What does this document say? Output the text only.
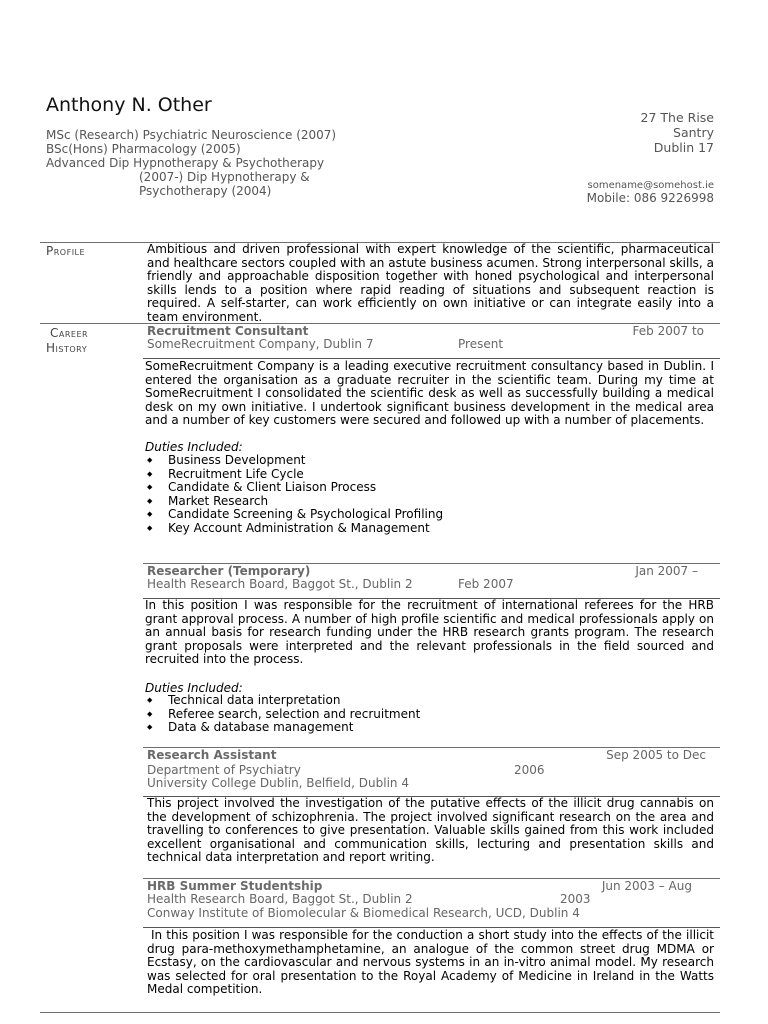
Anthony N. Other
MSc (Research) Psychiatric Neuroscience (2007)
BSc(Hons) Pharmacology (2005)
Advanced Dip Hypnotherapy & Psychotherapy
(2007-) Dip Hypnotherapy &
Psychotherapy (2004)
27 The Rise
Santry
Dublin 17
somename@somehost.ie
Mobile: 086 9226998
Profile	Ambitious and driven professional with expert knowledge of the scientific, pharmaceutical and healthcare sectors coupled with an astute business acumen. Strong interpersonal skills, a friendly and approachable disposition together with honed psychological and interpersonal skills lends to a position where rapid reading of situations and subsequent reaction is required. A self-starter, can work efficiently on own initiative or can integrate easily into a team environment.
Career
History
Recruitment Consultant	Feb 2007 to
SomeRecruitment Company, Dublin 7	Present
SomeRecruitment Company is a leading executive recruitment consultancy based in Dublin. I entered the organisation as a graduate recruiter in the scientific team. During my time at SomeRecruitment I consolidated the scientific desk as well as successfully building a medical desk on my own initiative. I undertook significant business development in the medical area and a number of key customers were secured and followed up with a number of placements.
Duties Included:
◆ Business Development
◆ Recruitment Life Cycle
◆ Candidate & Client Liaison Process
◆ Market Research
◆ Candidate Screening & Psychological Profiling
◆ Key Account Administration & Management
Researcher (Temporary)	Jan 2007 –
Health Research Board, Baggot St., Dublin 2	Feb 2007
In this position I was responsible for the recruitment of international referees for the HRB grant approval process. A number of high profile scientific and medical professionals apply on an annual basis for research funding under the HRB research grants program. The research grant proposals were interpreted and the relevant professionals in the field sourced and recruited into the process.
Duties Included:
◆ Technical data interpretation
◆ Referee search, selection and recruitment
◆ Data & database management
Research Assistant	Sep 2005 to Dec
Department of Psychiatry	2006
University College Dublin, Belfield, Dublin 4
This project involved the investigation of the putative effects of the illicit drug cannabis on the development of schizophrenia. The project involved significant research on the area and travelling to conferences to give presentation. Valuable skills gained from this work included excellent organisational and communication skills, lecturing and presentation skills and technical data interpretation and report writing.
HRB Summer Studentship	Jun 2003 – Aug
Health Research Board, Baggot St., Dublin 2	2003
Conway Institute of Biomolecular & Biomedical Research, UCD, Dublin 4
In this position I was responsible for the conduction a short study into the effects of the illicit drug para-methoxymethamphetamine, an analogue of the common street drug MDMA or Ecstasy, on the cardiovascular and nervous systems in an in-vitro animal model. My research was selected for oral presentation to the Royal Academy of Medicine in Ireland in the Watts Medal competition.
